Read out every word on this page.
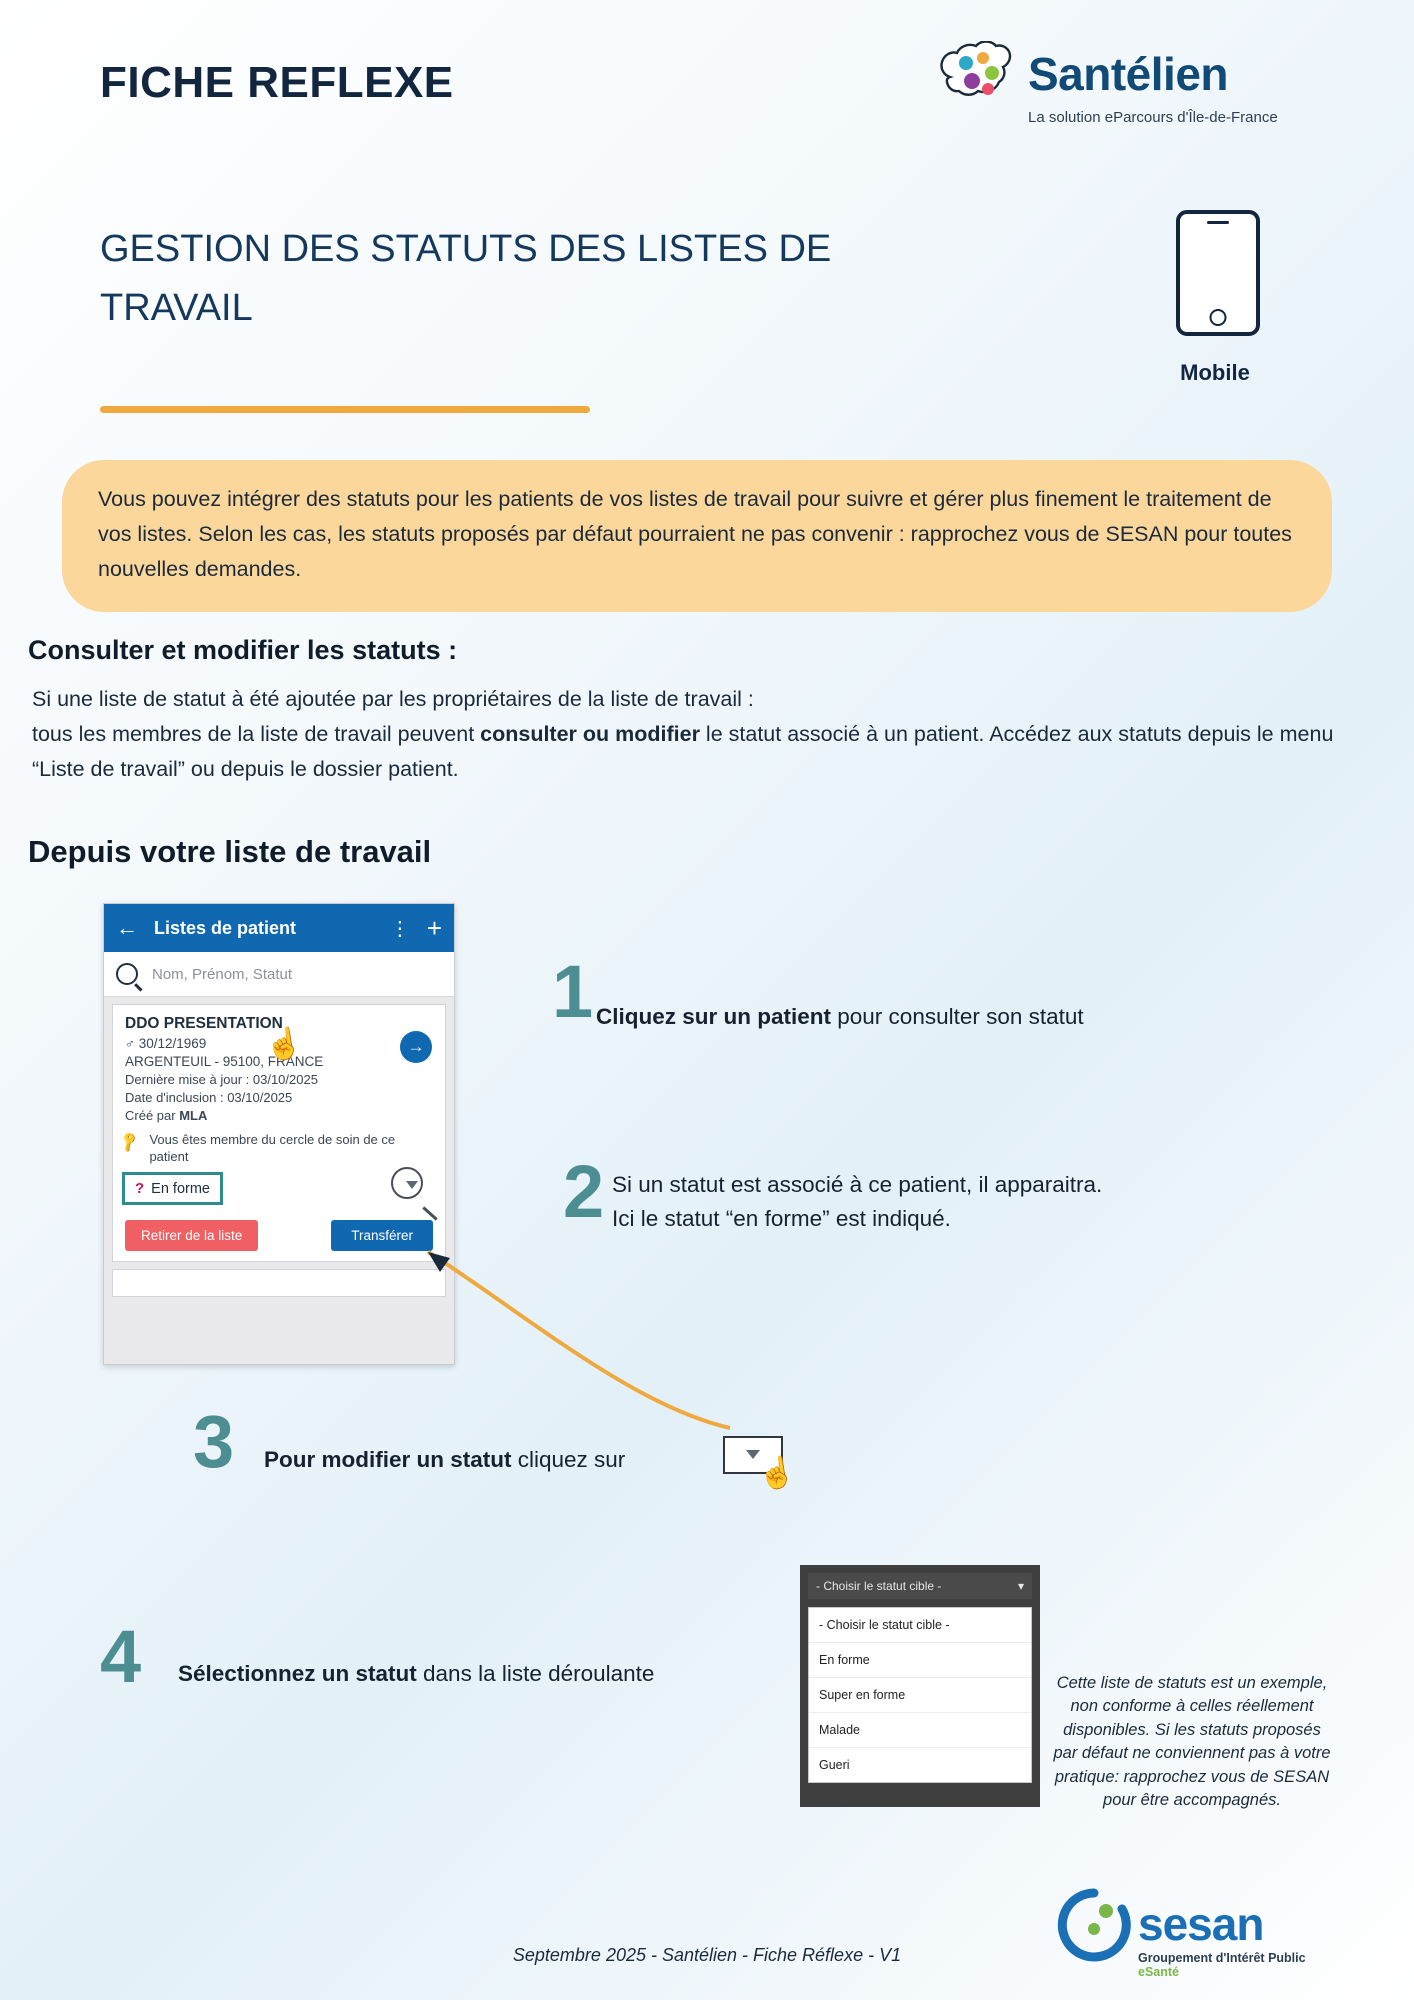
FICHE REFLEXE	Santélien
La solution eParcours d'Île-de-France
GESTION DES STATUTS DES LISTES DE TRAVAIL
Mobile
Vous pouvez intégrer des statuts pour les patients de vos listes de travail pour suivre et gérer plus finement le traitement de vos listes. Selon les cas, les statuts proposés par défaut pourraient ne pas convenir : rapprochez vous de SESAN pour toutes nouvelles demandes.
Consulter et modifier les statuts :
Si une liste de statut à été ajoutée par les propriétaires de la liste de travail :
tous les membres de la liste de travail peuvent consulter ou modifier le statut associé à un patient. Accédez aux statuts depuis le menu “Liste de travail” ou depuis le dossier patient.
Depuis votre liste de travail
← Listes de patient	⋮ +
Nom, Prénom, Statut
DDO PRESENTATION
☝
♂ 30/12/1969
ARGENTEUIL - 95100, FRANCE
Dernière mise à jour : 03/10/2025
Date d'inclusion : 03/10/2025
Créé par MLA
🔑 Vous êtes membre du cercle de soin de ce patient
→
? En forme
Retirer de la liste	Transférer
1 Cliquez sur un patient pour consulter son statut
2 Si un statut est associé à ce patient, il apparaitra.
Ici le statut “en forme” est indiqué.
3 Pour modifier un statut cliquez sur	☝
4 Sélectionnez un statut dans la liste déroulante
- Choisir le statut cible -	▾
- Choisir le statut cible -
En forme
Super en forme
Malade
Gueri
Cette liste de statuts est un exemple, non conforme à celles réellement disponibles. Si les statuts proposés par défaut ne conviennent pas à votre pratique: rapprochez vous de SESAN pour être accompagnés.
Septembre 2025 - Santélien - Fiche Réflexe - V1
sesan
Groupement d'Intérêt Public eSanté
